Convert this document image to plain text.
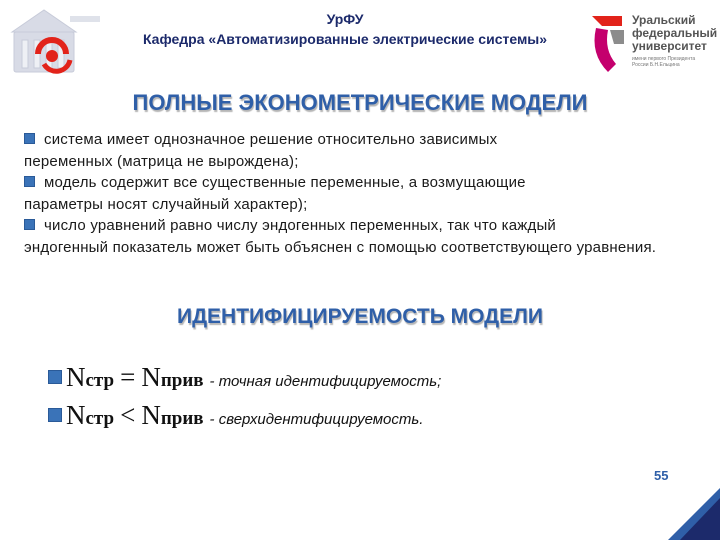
УрФУ
Кафедра «Автоматизированные электрические системы»
Уральский
федеральный
университет
имени первого Президента России Б.Н.Ельцина
ПОЛНЫЕ ЭКОНОМЕТРИЧЕСКИЕ МОДЕЛИ

система имеет однозначное решение относительно зависимых
переменных (матрица не вырождена);

модель содержит все существенные переменные, а возмущающие
параметры носят случайный характер);

число уравнений равно числу эндогенных переменных, так что каждый
эндогенный показатель может быть объяснен с помощью соответствующего уравнения.

ИДЕНТИФИЦИРУЕМОСТЬ МОДЕЛИ
Nстр = Nприв - точная идентифицируемость;
Nстр < Nприв - сверхидентифицируемость.
55
